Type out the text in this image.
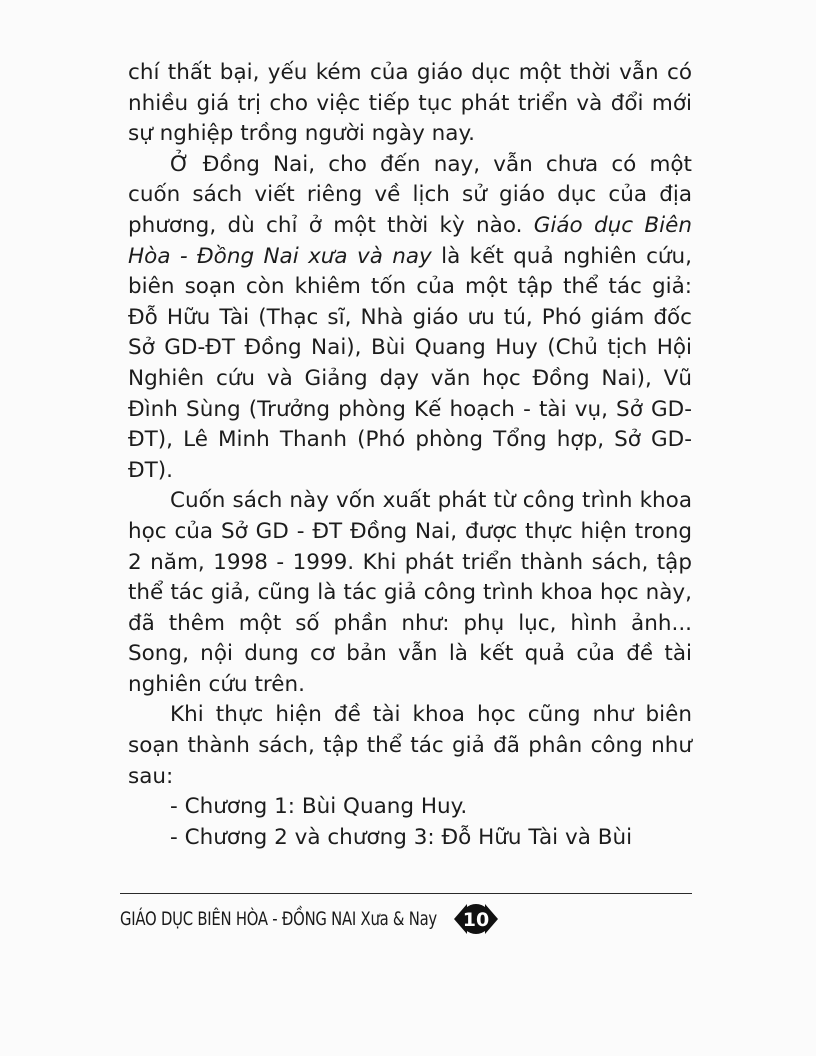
chí thất bại, yếu kém của giáo dục một thời vẫn có nhiều giá trị cho việc tiếp tục phát triển và đổi mới sự nghiệp trồng người ngày nay.

Ở Đồng Nai, cho đến nay, vẫn chưa có một cuốn sách viết riêng về lịch sử giáo dục của địa phương, dù chỉ ở một thời kỳ nào. Giáo dục Biên Hòa - Đồng Nai xưa và nay là kết quả nghiên cứu, biên soạn còn khiêm tốn của một tập thể tác giả: Đỗ Hữu Tài (Thạc sĩ, Nhà giáo ưu tú, Phó giám đốc Sở GD-ĐT Đồng Nai), Bùi Quang Huy (Chủ tịch Hội Nghiên cứu và Giảng dạy văn học Đồng Nai), Vũ Đình Sùng (Trưởng phòng Kế hoạch - tài vụ, Sở GD-ĐT), Lê Minh Thanh (Phó phòng Tổng hợp, Sở GD- ĐT).

Cuốn sách này vốn xuất phát từ công trình khoa học của Sở GD - ĐT Đồng Nai, được thực hiện trong 2 năm, 1998 - 1999. Khi phát triển thành sách, tập thể tác giả, cũng là tác giả công trình khoa học này, đã thêm một số phần như: phụ lục, hình ảnh... Song, nội dung cơ bản vẫn là kết quả của đề tài nghiên cứu trên.

Khi thực hiện đề tài khoa học cũng như biên soạn thành sách, tập thể tác giả đã phân công như sau:

- Chương 1: Bùi Quang Huy.

- Chương 2 và chương 3: Đỗ Hữu Tài và Bùi

GIÁO DỤC BIÊN HÒA - ĐỒNG NAI Xưa & Nay 10
